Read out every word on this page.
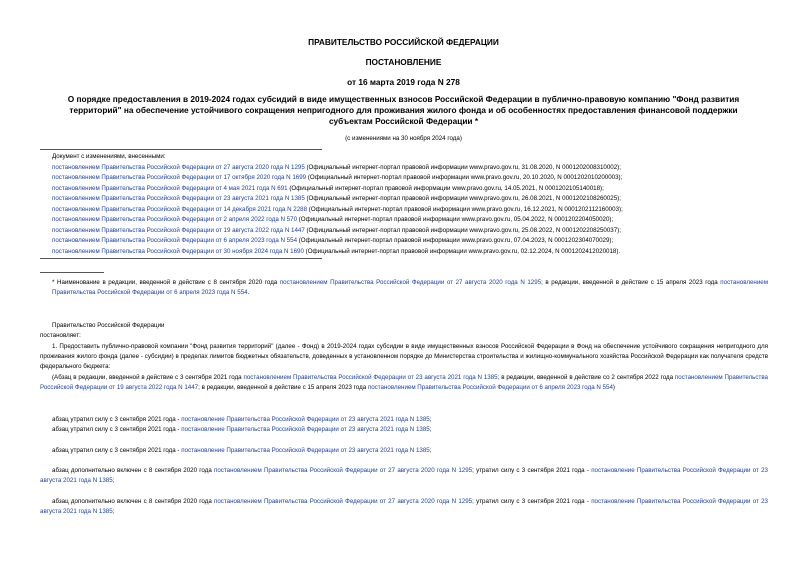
ПРАВИТЕЛЬСТВО РОССИЙСКОЙ ФЕДЕРАЦИИ
ПОСТАНОВЛЕНИЕ
от 16 марта 2019 года N 278
О порядке предоставления в 2019-2024 годах субсидий в виде имущественных взносов Российской Федерации в публично-правовую компанию "Фонд развития территорий" на обеспечение устойчивого сокращения непригодного для проживания жилого фонда и об особенностях предоставления финансовой поддержки субъектам Российской Федерации *
(с изменениями на 30 ноября 2024 года)
Документ с изменениями, внесенными:
постановлением Правительства Российской Федерации от 27 августа 2020 года N 1295 (Официальный интернет-портал правовой информации www.pravo.gov.ru, 31.08.2020, N 0001202008310002);
постановлением Правительства Российской Федерации от 17 октября 2020 года N 1699 (Официальный интернет-портал правовой информации www.pravo.gov.ru, 20.10.2020, N 0001202010200003);
постановлением Правительства Российской Федерации от 4 мая 2021 года N 691 (Официальный интернет-портал правовой информации www.pravo.gov.ru, 14.05.2021, N 0001202105140018);
постановлением Правительства Российской Федерации от 23 августа 2021 года N 1385 (Официальный интернет-портал правовой информации www.pravo.gov.ru, 26.08.2021, N 0001202108260025);
постановлением Правительства Российской Федерации от 14 декабря 2021 года N 2288 (Официальный интернет-портал правовой информации www.pravo.gov.ru, 16.12.2021, N 0001202112160003);
постановлением Правительства Российской Федерации от 2 апреля 2022 года N 570 (Официальный интернет-портал правовой информации www.pravo.gov.ru, 05.04.2022, N 0001202204050020);
постановлением Правительства Российской Федерации от 19 августа 2022 года N 1447 (Официальный интернет-портал правовой информации www.pravo.gov.ru, 25.08.2022, N 0001202208250037);
постановлением Правительства Российской Федерации от 6 апреля 2023 года N 554 (Официальный интернет-портал правовой информации www.pravo.gov.ru, 07.04.2023, N 0001202304070029);
постановлением Правительства Российской Федерации от 30 ноября 2024 года N 1690 (Официальный интернет-портал правовой информации www.pravo.gov.ru, 02.12.2024, N 0001202412020018).
* Наименование в редакции, введенной в действие с 8 сентября 2020 года постановлением Правительства Российской Федерации от 27 августа 2020 года N 1295; в редакции, введенной в действие с 15 апреля 2023 года постановлением Правительства Российской Федерации от 6 апреля 2023 года N 554.
Правительство Российской Федерации
постановляет:
1. Предоставить публично-правовой компании "Фонд развития территорий" (далее - Фонд) в 2019-2024 годах субсидии в виде имущественных взносов Российской Федерации в Фонд на обеспечение устойчивого сокращения непригодного для проживания жилого фонда (далее - субсидии) в пределах лимитов бюджетных обязательств, доведенных в установленном порядке до Министерства строительства и жилищно-коммунального хозяйства Российской Федерации как получателя средств федерального бюджета:
(Абзац в редакции, введенной в действие с 3 сентября 2021 года постановлением Правительства Российской Федерации от 23 августа 2021 года N 1385; в редакции, введенной в действие со 2 сентября 2022 года постановлением Правительства Российской Федерации от 19 августа 2022 года N 1447; в редакции, введенной в действие с 15 апреля 2023 года постановлением Правительства Российской Федерации от 6 апреля 2023 года N 554)
абзац утратил силу с 3 сентября 2021 года - постановление Правительства Российской Федерации от 23 августа 2021 года N 1385;
абзац утратил силу с 3 сентября 2021 года - постановление Правительства Российской Федерации от 23 августа 2021 года N 1385;
абзац утратил силу с 3 сентября 2021 года - постановление Правительства Российской Федерации от 23 августа 2021 года N 1385;
абзац дополнительно включен с 8 сентября 2020 года постановлением Правительства Российской Федерации от 27 августа 2020 года N 1295; утратил силу с 3 сентября 2021 года - постановление Правительства Российской Федерации от 23 августа 2021 года N 1385;
абзац дополнительно включен с 8 сентября 2020 года постановлением Правительства Российской Федерации от 27 августа 2020 года N 1295; утратил силу с 3 сентября 2021 года - постановление Правительства Российской Федерации от 23 августа 2021 года N 1385;
